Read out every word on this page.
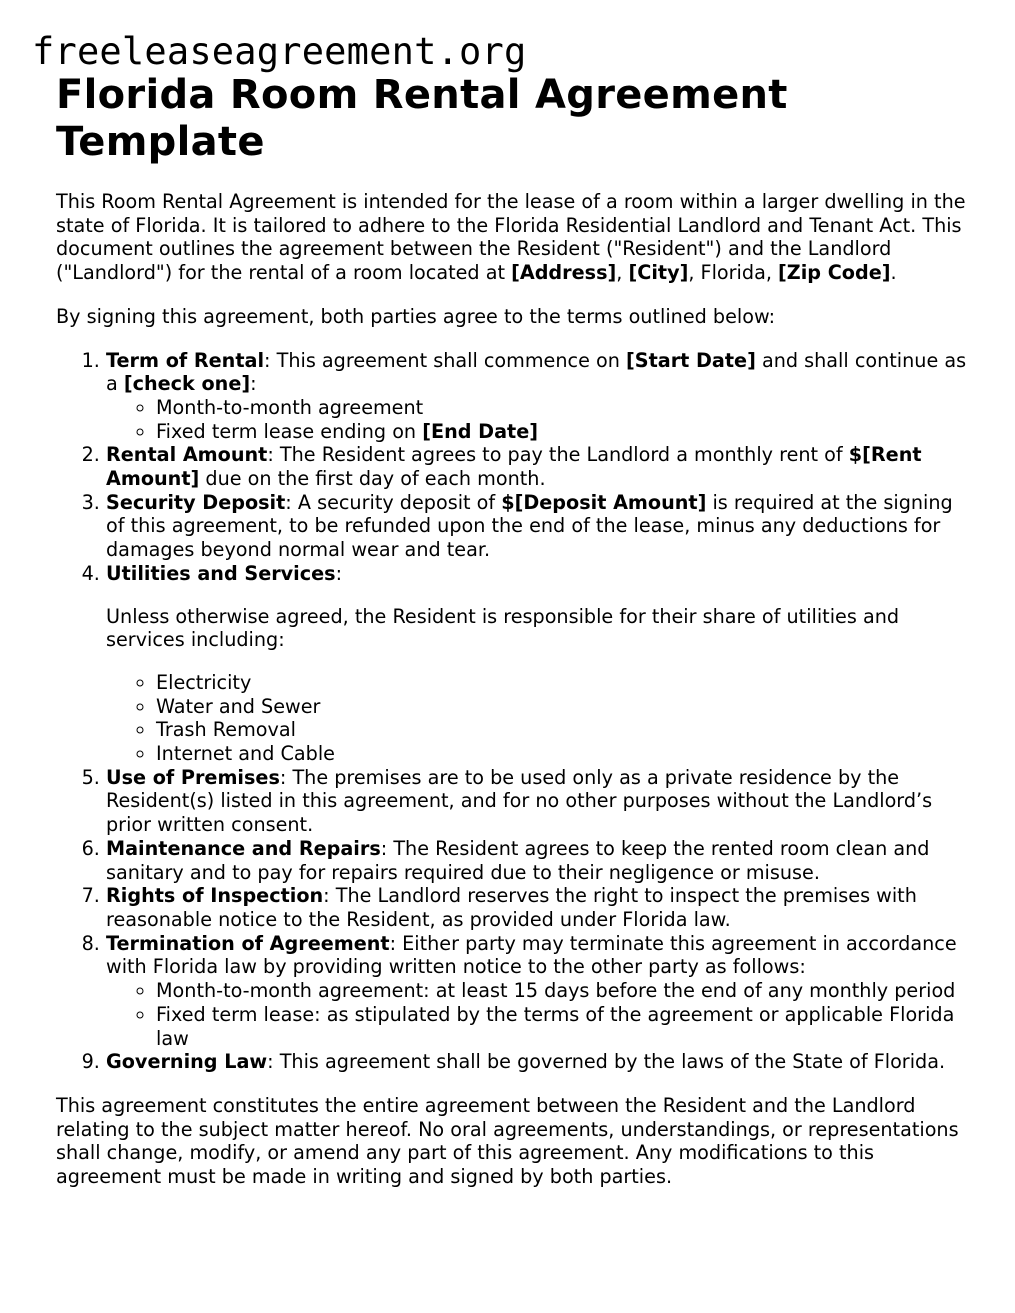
freeleaseagreement.org
Florida Room Rental Agreement Template

This Room Rental Agreement is intended for the lease of a room within a larger dwelling in the state of Florida. It is tailored to adhere to the Florida Residential Landlord and Tenant Act. This document outlines the agreement between the Resident ("Resident") and the Landlord ("Landlord") for the rental of a room located at [Address], [City], Florida, [Zip Code].

By signing this agreement, both parties agree to the terms outlined below:

1. Term of Rental: This agreement shall commence on [Start Date] and shall continue as a [check one]:
◦ Month-to-month agreement
◦ Fixed term lease ending on [End Date]
2. Rental Amount: The Resident agrees to pay the Landlord a monthly rent of $[Rent Amount] due on the first day of each month.
3. Security Deposit: A security deposit of $[Deposit Amount] is required at the signing of this agreement, to be refunded upon the end of the lease, minus any deductions for damages beyond normal wear and tear.
4. Utilities and Services:

Unless otherwise agreed, the Resident is responsible for their share of utilities and services including:

◦ Electricity
◦ Water and Sewer
◦ Trash Removal
◦ Internet and Cable
5. Use of Premises: The premises are to be used only as a private residence by the Resident(s) listed in this agreement, and for no other purposes without the Landlord’s prior written consent.
6. Maintenance and Repairs: The Resident agrees to keep the rented room clean and sanitary and to pay for repairs required due to their negligence or misuse.
7. Rights of Inspection: The Landlord reserves the right to inspect the premises with reasonable notice to the Resident, as provided under Florida law.
8. Termination of Agreement: Either party may terminate this agreement in accordance with Florida law by providing written notice to the other party as follows:
◦ Month-to-month agreement: at least 15 days before the end of any monthly period
◦ Fixed term lease: as stipulated by the terms of the agreement or applicable Florida law
9. Governing Law: This agreement shall be governed by the laws of the State of Florida.

This agreement constitutes the entire agreement between the Resident and the Landlord relating to the subject matter hereof. No oral agreements, understandings, or representations shall change, modify, or amend any part of this agreement. Any modifications to this agreement must be made in writing and signed by both parties.
